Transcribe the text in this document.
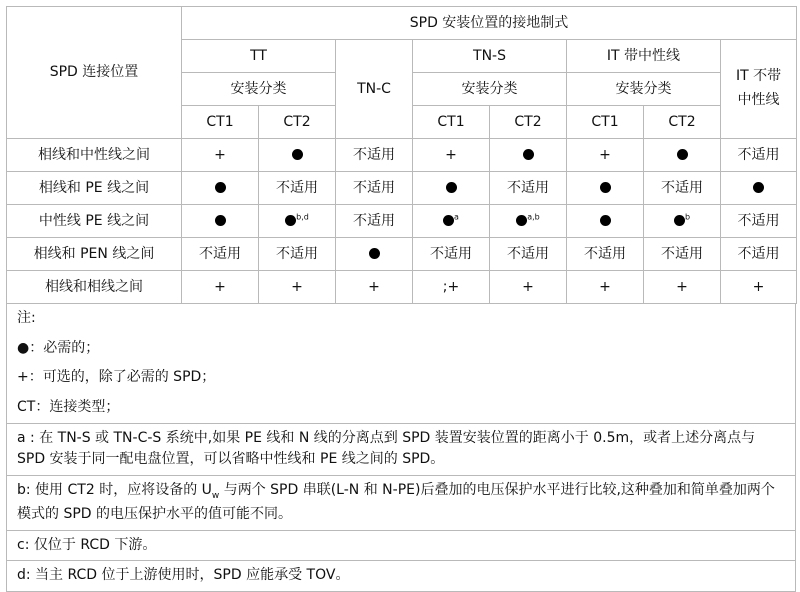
SPD 连接位置	SPD 安装位置的接地制式							
	TT		TN-C	TN-S		IT 带中性线		IT 不带中性线
	安装分类			安装分类		安装分类		
	CT1	CT2		CT1	CT2	CT1	CT2	
相线和中性线之间	+		不适用	+		+		不适用
相线和 PE 线之间		不适用	不适用		不适用		不适用	
中性线 PE 线之间		$^{b,d}$	不适用	$^a$	$^{a,b}$		$^b$	不适用
相线和 PEN 线之间	不适用	不适用		不适用	不适用	不适用	不适用	不适用
相线和相线之间	+	+	+	;+	+	+	+	+
注:
●：必需的；
+：可选的，除了必需的 SPD；
CT：连接类型；
a : 在 TN-S 或 TN-C-S 系统中,如果 PE 线和 N 线的分离点到 SPD 装置安装位置的距离小于 0.5m，或者上述分离点与 SPD 安装于同一配电盘位置，可以省略中性线和 PE 线之间的 SPD。
b: 使用 CT2 时，应将设备的 $U_w$ 与两个 SPD 串联(L-N 和 N-PE)后叠加的电压保护水平进行比较,这种叠加和简单叠加两个模式的 SPD 的电压保护水平的值可能不同。
c: 仅位于 RCD 下游。
d: 当主 RCD 位于上游使用时，SPD 应能承受 TOV。
